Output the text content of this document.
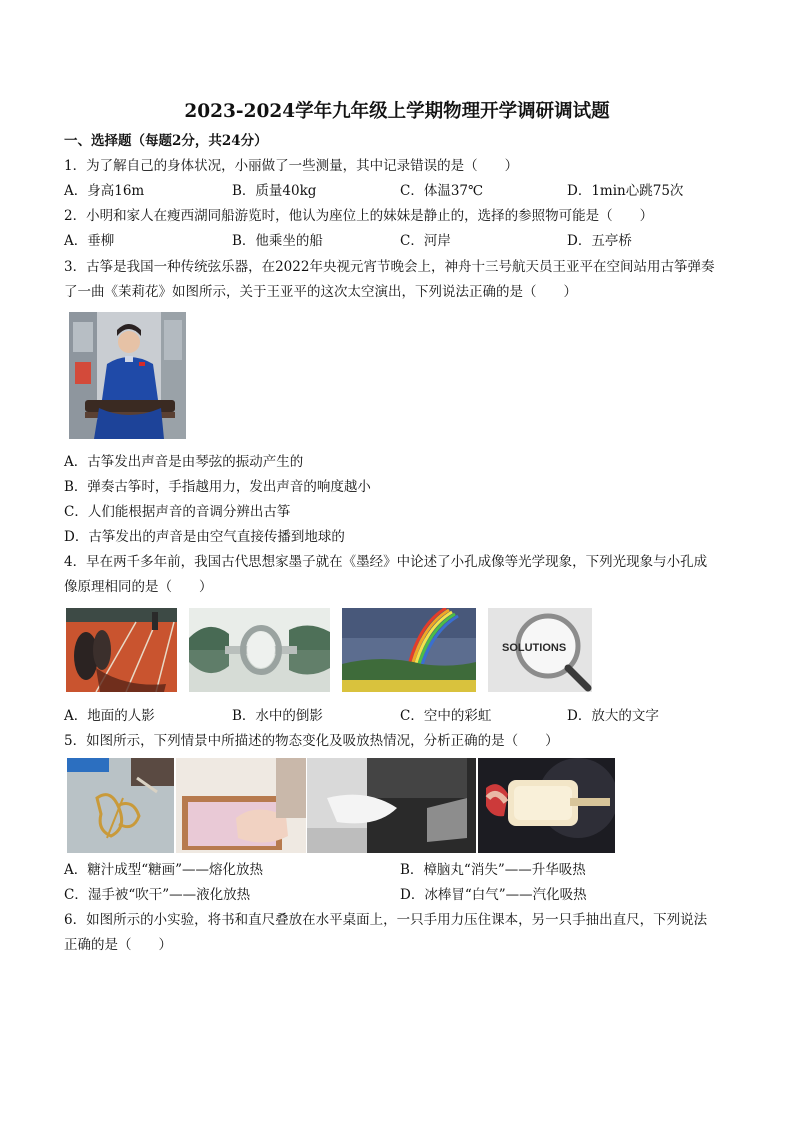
2023-2024学年九年级上学期物理开学调研调试题
一、选择题（每题2分，共24分）
1．为了解自己的身体状况，小丽做了一些测量，其中记录错误的是（　　）
A．身高16m	B．质量40kg	C．体温37℃	D．1min心跳75次
2．小明和家人在瘦西湖同船游览时，他认为座位上的妹妹是静止的，选择的参照物可能是（　　）
A．垂柳	B．他乘坐的船	C．河岸	D．五亭桥
3．古筝是我国一种传统弦乐器，在2022年央视元宵节晚会上，神舟十三号航天员王亚平在空间站用古筝弹奏
了一曲《茉莉花》如图所示，关于王亚平的这次太空演出，下列说法正确的是（　　）
A．古筝发出声音是由琴弦的振动产生的
B．弹奏古筝时，手指越用力，发出声音的响度越小
C．人们能根据声音的音调分辨出古筝
D．古筝发出的声音是由空气直接传播到地球的
4．早在两千多年前，我国古代思想家墨子就在《墨经》中论述了小孔成像等光学现象，下列光现象与小孔成
像原理相同的是（　　）
SOLUTIONS
A．地面的人影	B．水中的倒影	C．空中的彩虹	D．放大的文字
5．如图所示，下列情景中所描述的物态变化及吸放热情况，分析正确的是（　　）
A．糖汁成型“糖画”——熔化放热	B．樟脑丸“消失”——升华吸热
C．湿手被“吹干”——液化放热	D．冰棒冒“白气”——汽化吸热
6．如图所示的小实验，将书和直尺叠放在水平桌面上，一只手用力压住课本，另一只手抽出直尺，下列说法
正确的是（　　）
